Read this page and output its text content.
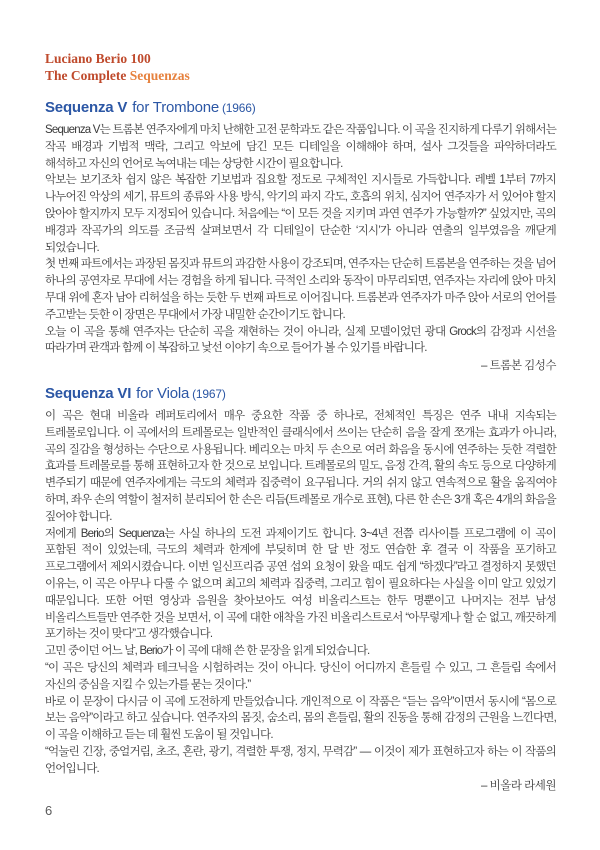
Luciano Berio 100
The Complete Sequenzas
Sequenza V for Trombone (1966)

Sequenza V는 트롬본 연주자에게 마치 난해한 고전 문학과도 같은 작품입니다. 이 곡을 진지하게 다루기 위해서는 작곡 배경과 기법적 맥락, 그리고 악보에 담긴 모든 디테일을 이해해야 하며, 설사 그것들을 파악하더라도 해석하고 자신의 언어로 녹여내는 데는 상당한 시간이 필요합니다.

악보는 보기조차 쉽지 않은 복잡한 기보법과 집요할 정도로 구체적인 지시들로 가득합니다. 레벨 1부터 7까지 나누어진 악상의 세기, 뮤트의 종류와 사용 방식, 악기의 파지 각도, 호흡의 위치, 심지어 연주자가 서 있어야 할지 앉아야 할지까지 모두 지정되어 있습니다. 처음에는 “이 모든 것을 지키며 과연 연주가 가능할까?” 싶었지만, 곡의 배경과 작곡가의 의도를 조금씩 살펴보면서 각 디테일이 단순한 ‘지시’가 아니라 연출의 일부였음을 깨닫게 되었습니다.

첫 번째 파트에서는 과장된 몸짓과 뮤트의 과감한 사용이 강조되며, 연주자는 단순히 트롬본을 연주하는 것을 넘어 하나의 공연자로 무대에 서는 경험을 하게 됩니다. 극적인 소리와 동작이 마무리되면, 연주자는 자리에 앉아 마치 무대 위에 혼자 남아 리허설을 하는 듯한 두 번째 파트로 이어집니다. 트롬본과 연주자가 마주 앉아 서로의 언어를 주고받는 듯한 이 장면은 무대에서 가장 내밀한 순간이기도 합니다.

오늘 이 곡을 통해 연주자는 단순히 곡을 재현하는 것이 아니라, 실제 모델이었던 광대 Grock의 감정과 시선을 따라가며 관객과 함께 이 복잡하고 낯선 이야기 속으로 들어가 볼 수 있기를 바랍니다.

– 트롬본 김성수
Sequenza VI for Viola (1967)

이 곡은 현대 비올라 레퍼토리에서 매우 중요한 작품 중 하나로, 전체적인 특징은 연주 내내 지속되는 트레몰로입니다. 이 곡에서의 트레몰로는 일반적인 클래식에서 쓰이는 단순히 음을 잘게 쪼개는 효과가 아니라, 곡의 질감을 형성하는 수단으로 사용됩니다. 베리오는 마치 두 손으로 여러 화음을 동시에 연주하는 듯한 격렬한 효과를 트레몰로를 통해 표현하고자 한 것으로 보입니다. 트레몰로의 밀도, 음정 간격, 활의 속도 등으로 다양하게 변주되기 때문에 연주자에게는 극도의 체력과 집중력이 요구됩니다. 거의 쉬지 않고 연속적으로 활을 움직여야 하며, 좌우 손의 역할이 철저히 분리되어 한 손은 리듬(트레몰로 개수로 표현), 다른 한 손은 3개 혹은 4개의 화음을 짚어야 합니다.

저에게 Berio의 Sequenza는 사실 하나의 도전 과제이기도 합니다. 3~4년 전쯤 리사이틀 프로그램에 이 곡이 포함된 적이 있었는데, 극도의 체력과 한계에 부딪히며 한 달 반 정도 연습한 후 결국 이 작품을 포기하고 프로그램에서 제외시켰습니다. 이번 일신프리즘 공연 섭외 요청이 왔을 때도 쉽게 “하겠다”라고 결정하지 못했던 이유는, 이 곡은 아무나 다룰 수 없으며 최고의 체력과 집중력, 그리고 힘이 필요하다는 사실을 이미 알고 있었기 때문입니다. 또한 어떤 영상과 음원을 찾아보아도 여성 비올리스트는 한두 명뿐이고 나머지는 전부 남성 비올리스트들만 연주한 것을 보면서, 이 곡에 대한 애착을 가진 비올리스트로서 “아무렇게나 할 순 없고, 깨끗하게 포기하는 것이 맞다”고 생각했습니다.

고민 중이던 어느 날, Berio가 이 곡에 대해 쓴 한 문장을 읽게 되었습니다.

“이 곡은 당신의 체력과 테크닉을 시험하려는 것이 아니다. 당신이 어디까지 흔들릴 수 있고, 그 흔들림 속에서 자신의 중심을 지킬 수 있는가를 묻는 것이다.”

바로 이 문장이 다시금 이 곡에 도전하게 만들었습니다. 개인적으로 이 작품은 “듣는 음악”이면서 동시에 “몸으로 보는 음악”이라고 하고 싶습니다. 연주자의 몸짓, 숨소리, 몸의 흔들림, 활의 진동을 통해 감정의 근원을 느낀다면, 이 곡을 이해하고 듣는 데 훨씬 도움이 될 것입니다.

“억눌린 긴장, 중얼거림, 초조, 혼란, 광기, 격렬한 투쟁, 정지, 무력감” — 이것이 제가 표현하고자 하는 이 작품의 언어입니다.

– 비올라 라세원
6
